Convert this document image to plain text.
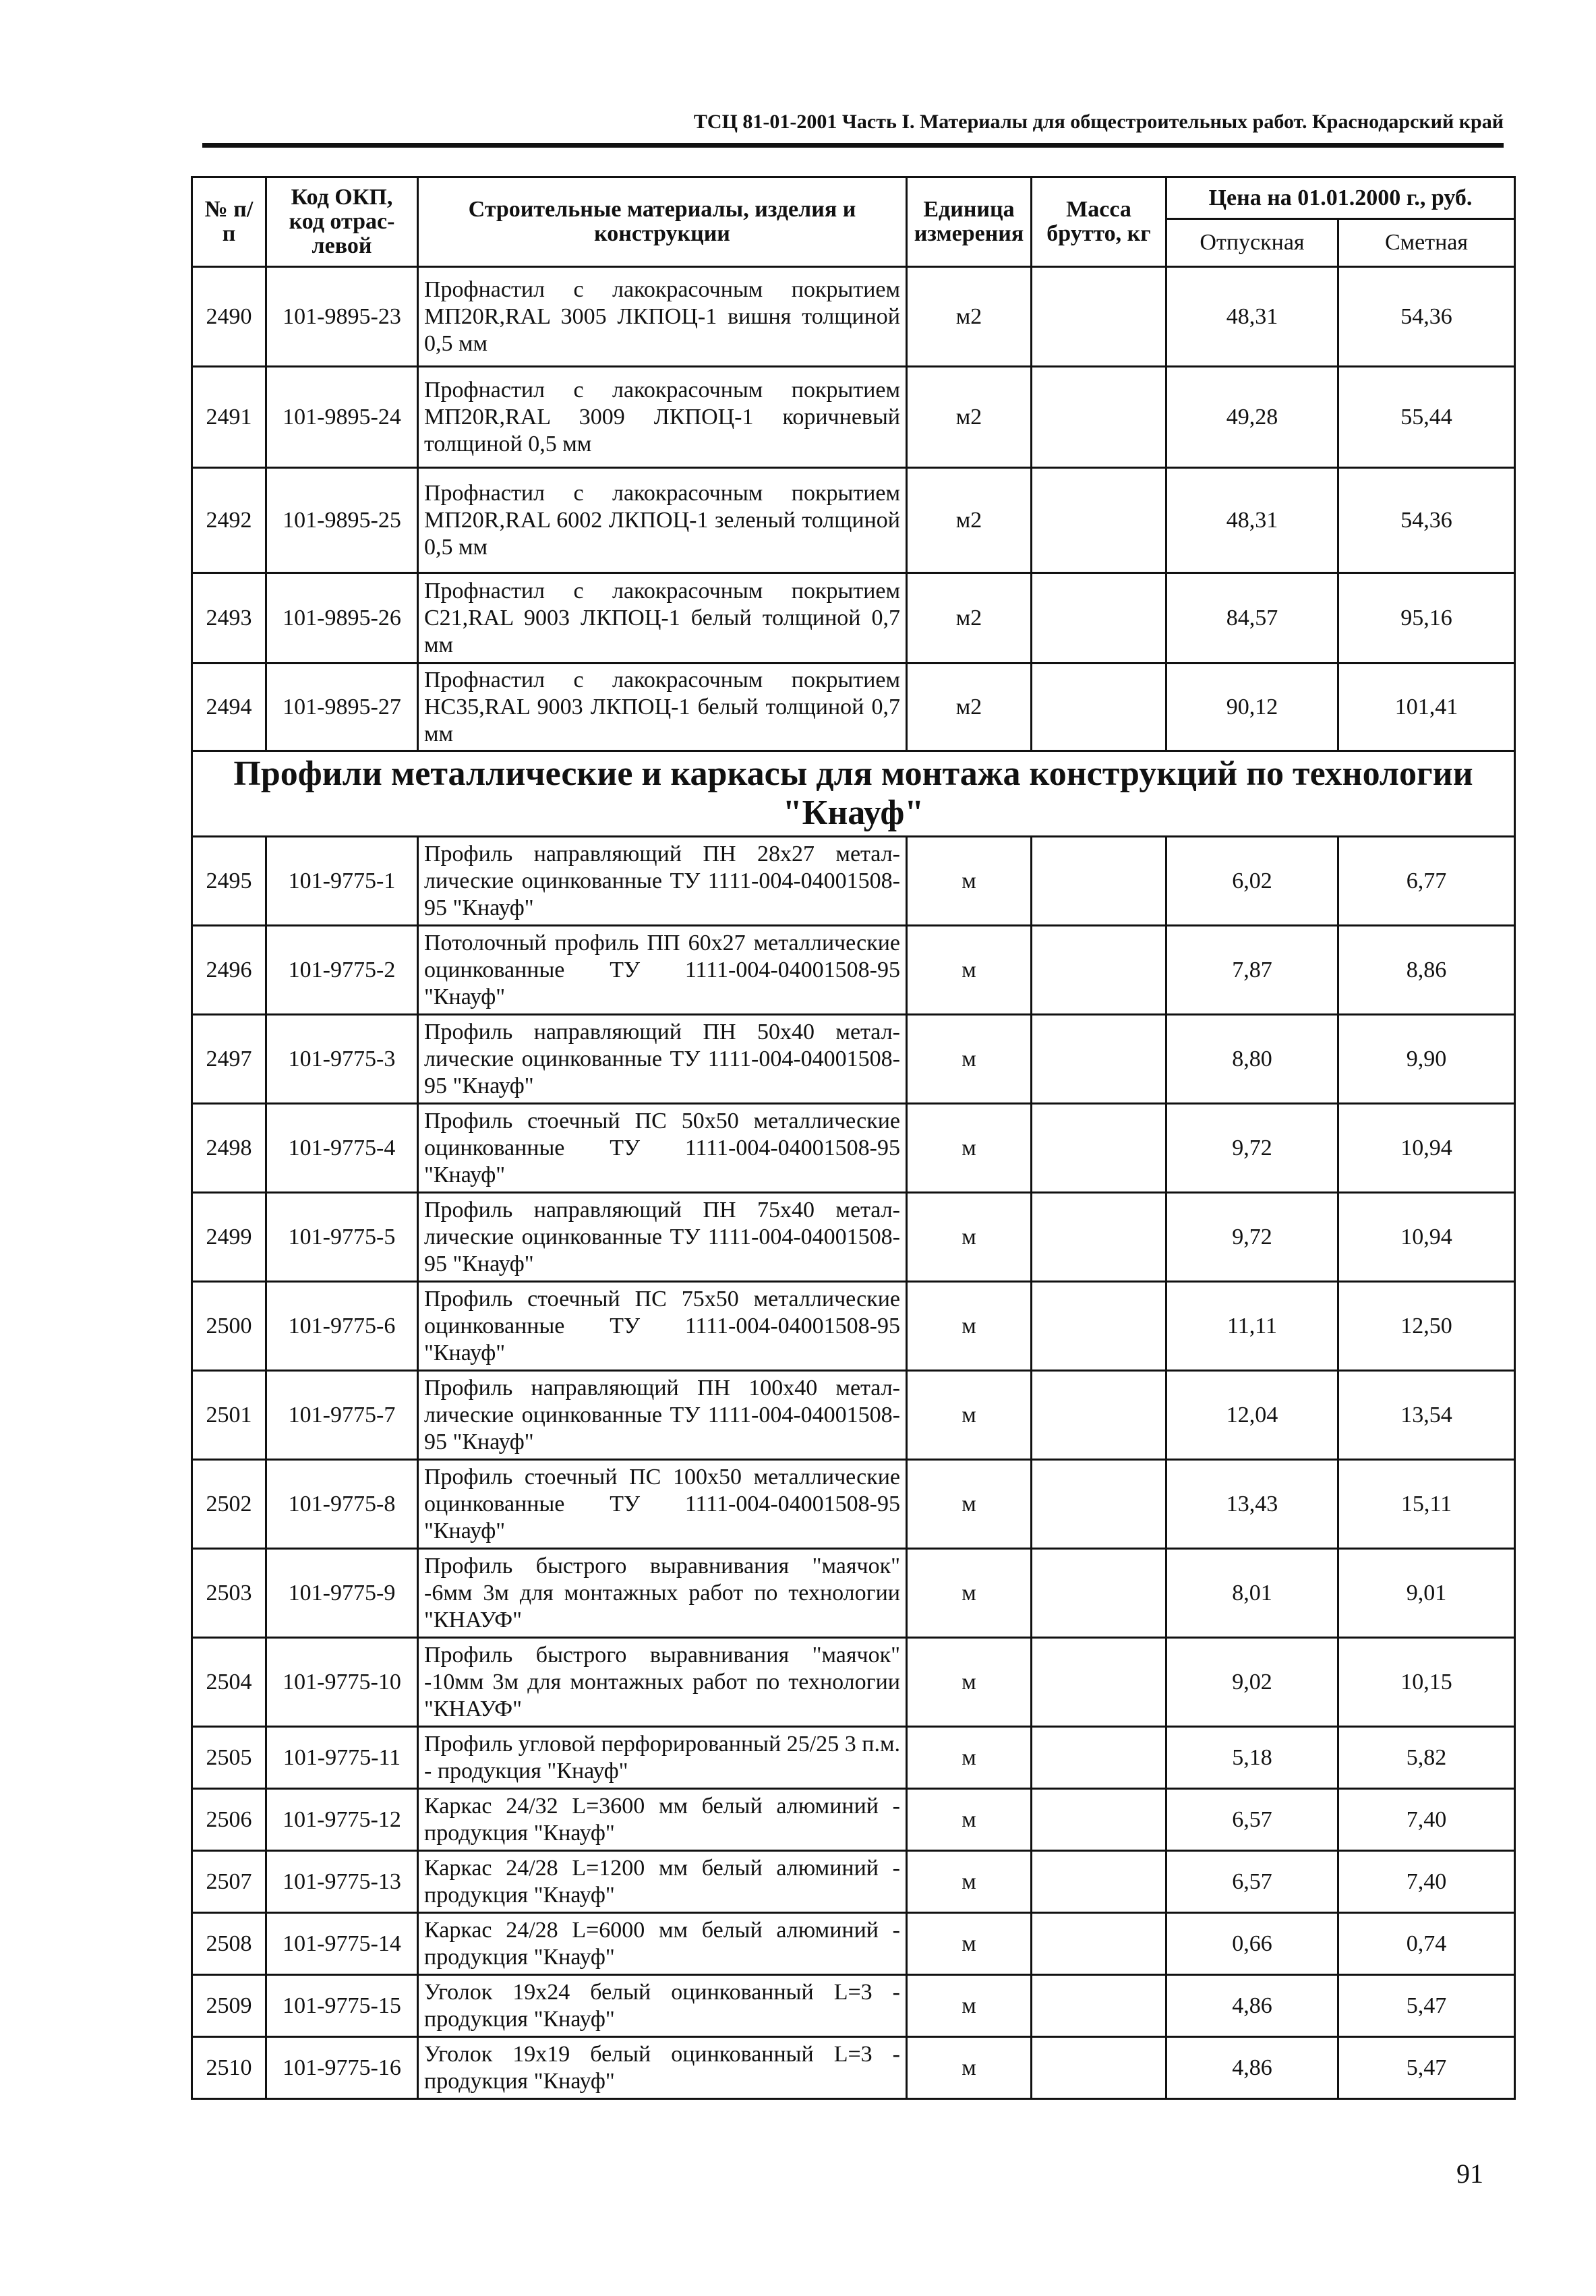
ТСЦ 81-01-2001 Часть I. Материалы для общестроительных работ. Краснодарский край
№ п/п	Код ОКП, код отраслевой	Строительные материалы, изделия и конструкции	Единица измерения	Масса брутто, кг	Цена на 01.01.2000 г., руб.	
					Отпускная	Сметная
2490	101-9895-23	Профнастил с лакокрасочным покрытием МП20R,RAL 3005 ЛКПОЦ-1 вишня толщиной 0,5 мм	м2		48,31	54,36
2491	101-9895-24	Профнастил с лакокрасочным покрытием МП20R,RAL 3009 ЛКПОЦ-1 коричневый толщиной 0,5 мм	м2		49,28	55,44
2492	101-9895-25	Профнастил с лакокрасочным покрытием МП20R,RAL 6002 ЛКПОЦ-1 зеленый толщиной 0,5 мм	м2		48,31	54,36
2493	101-9895-26	Профнастил с лакокрасочным покрытием С21,RAL 9003 ЛКПОЦ-1 белый толщиной 0,7 мм	м2		84,57	95,16
2494	101-9895-27	Профнастил с лакокрасочным покрытием НС35,RAL 9003 ЛКПОЦ-1 белый толщиной 0,7 мм	м2		90,12	101,41
Профили металлические и каркасы для монтажа конструкций по технологии "Кнауф"						
2495	101-9775-1	Профиль направляющий ПН 28х27 металлические оцинкованные ТУ 1111-004-04001508-95 "Кнауф"	м		6,02	6,77
2496	101-9775-2	Потолочный профиль ПП 60х27 металлические оцинкованные ТУ 1111-004-04001508-95 "Кнауф"	м		7,87	8,86
2497	101-9775-3	Профиль направляющий ПН 50х40 металлические оцинкованные ТУ 1111-004-04001508-95 "Кнауф"	м		8,80	9,90
2498	101-9775-4	Профиль стоечный ПС 50х50 металлические оцинкованные ТУ 1111-004-04001508-95 "Кнауф"	м		9,72	10,94
2499	101-9775-5	Профиль направляющий ПН 75х40 металлические оцинкованные ТУ 1111-004-04001508-95 "Кнауф"	м		9,72	10,94
2500	101-9775-6	Профиль стоечный ПС 75х50 металлические оцинкованные ТУ 1111-004-04001508-95 "Кнауф"	м		11,11	12,50
2501	101-9775-7	Профиль направляющий ПН 100х40 металлические оцинкованные ТУ 1111-004-04001508-95 "Кнауф"	м		12,04	13,54
2502	101-9775-8	Профиль стоечный ПС 100х50 металлические оцинкованные ТУ 1111-004-04001508-95 "Кнауф"	м		13,43	15,11
2503	101-9775-9	Профиль быстрого выравнивания "маячок" -6мм 3м для монтажных работ по технологии "КНАУФ"	м		8,01	9,01
2504	101-9775-10	Профиль быстрого выравнивания "маячок" -10мм 3м для монтажных работ по технологии "КНАУФ"	м		9,02	10,15
2505	101-9775-11	Профиль угловой перфорированный 25/25 3 п.м. - продукция "Кнауф"	м		5,18	5,82
2506	101-9775-12	Каркас 24/32 L=3600 мм белый алюминий - продукция "Кнауф"	м		6,57	7,40
2507	101-9775-13	Каркас 24/28 L=1200 мм белый алюминий - продукция "Кнауф"	м		6,57	7,40
2508	101-9775-14	Каркас 24/28 L=6000 мм белый алюминий - продукция "Кнауф"	м		0,66	0,74
2509	101-9775-15	Уголок 19х24 белый оцинкованный L=3 - продукция "Кнауф"	м		4,86	5,47
2510	101-9775-16	Уголок 19х19 белый оцинкованный L=3 - продукция "Кнауф"	м		4,86	5,47
91
